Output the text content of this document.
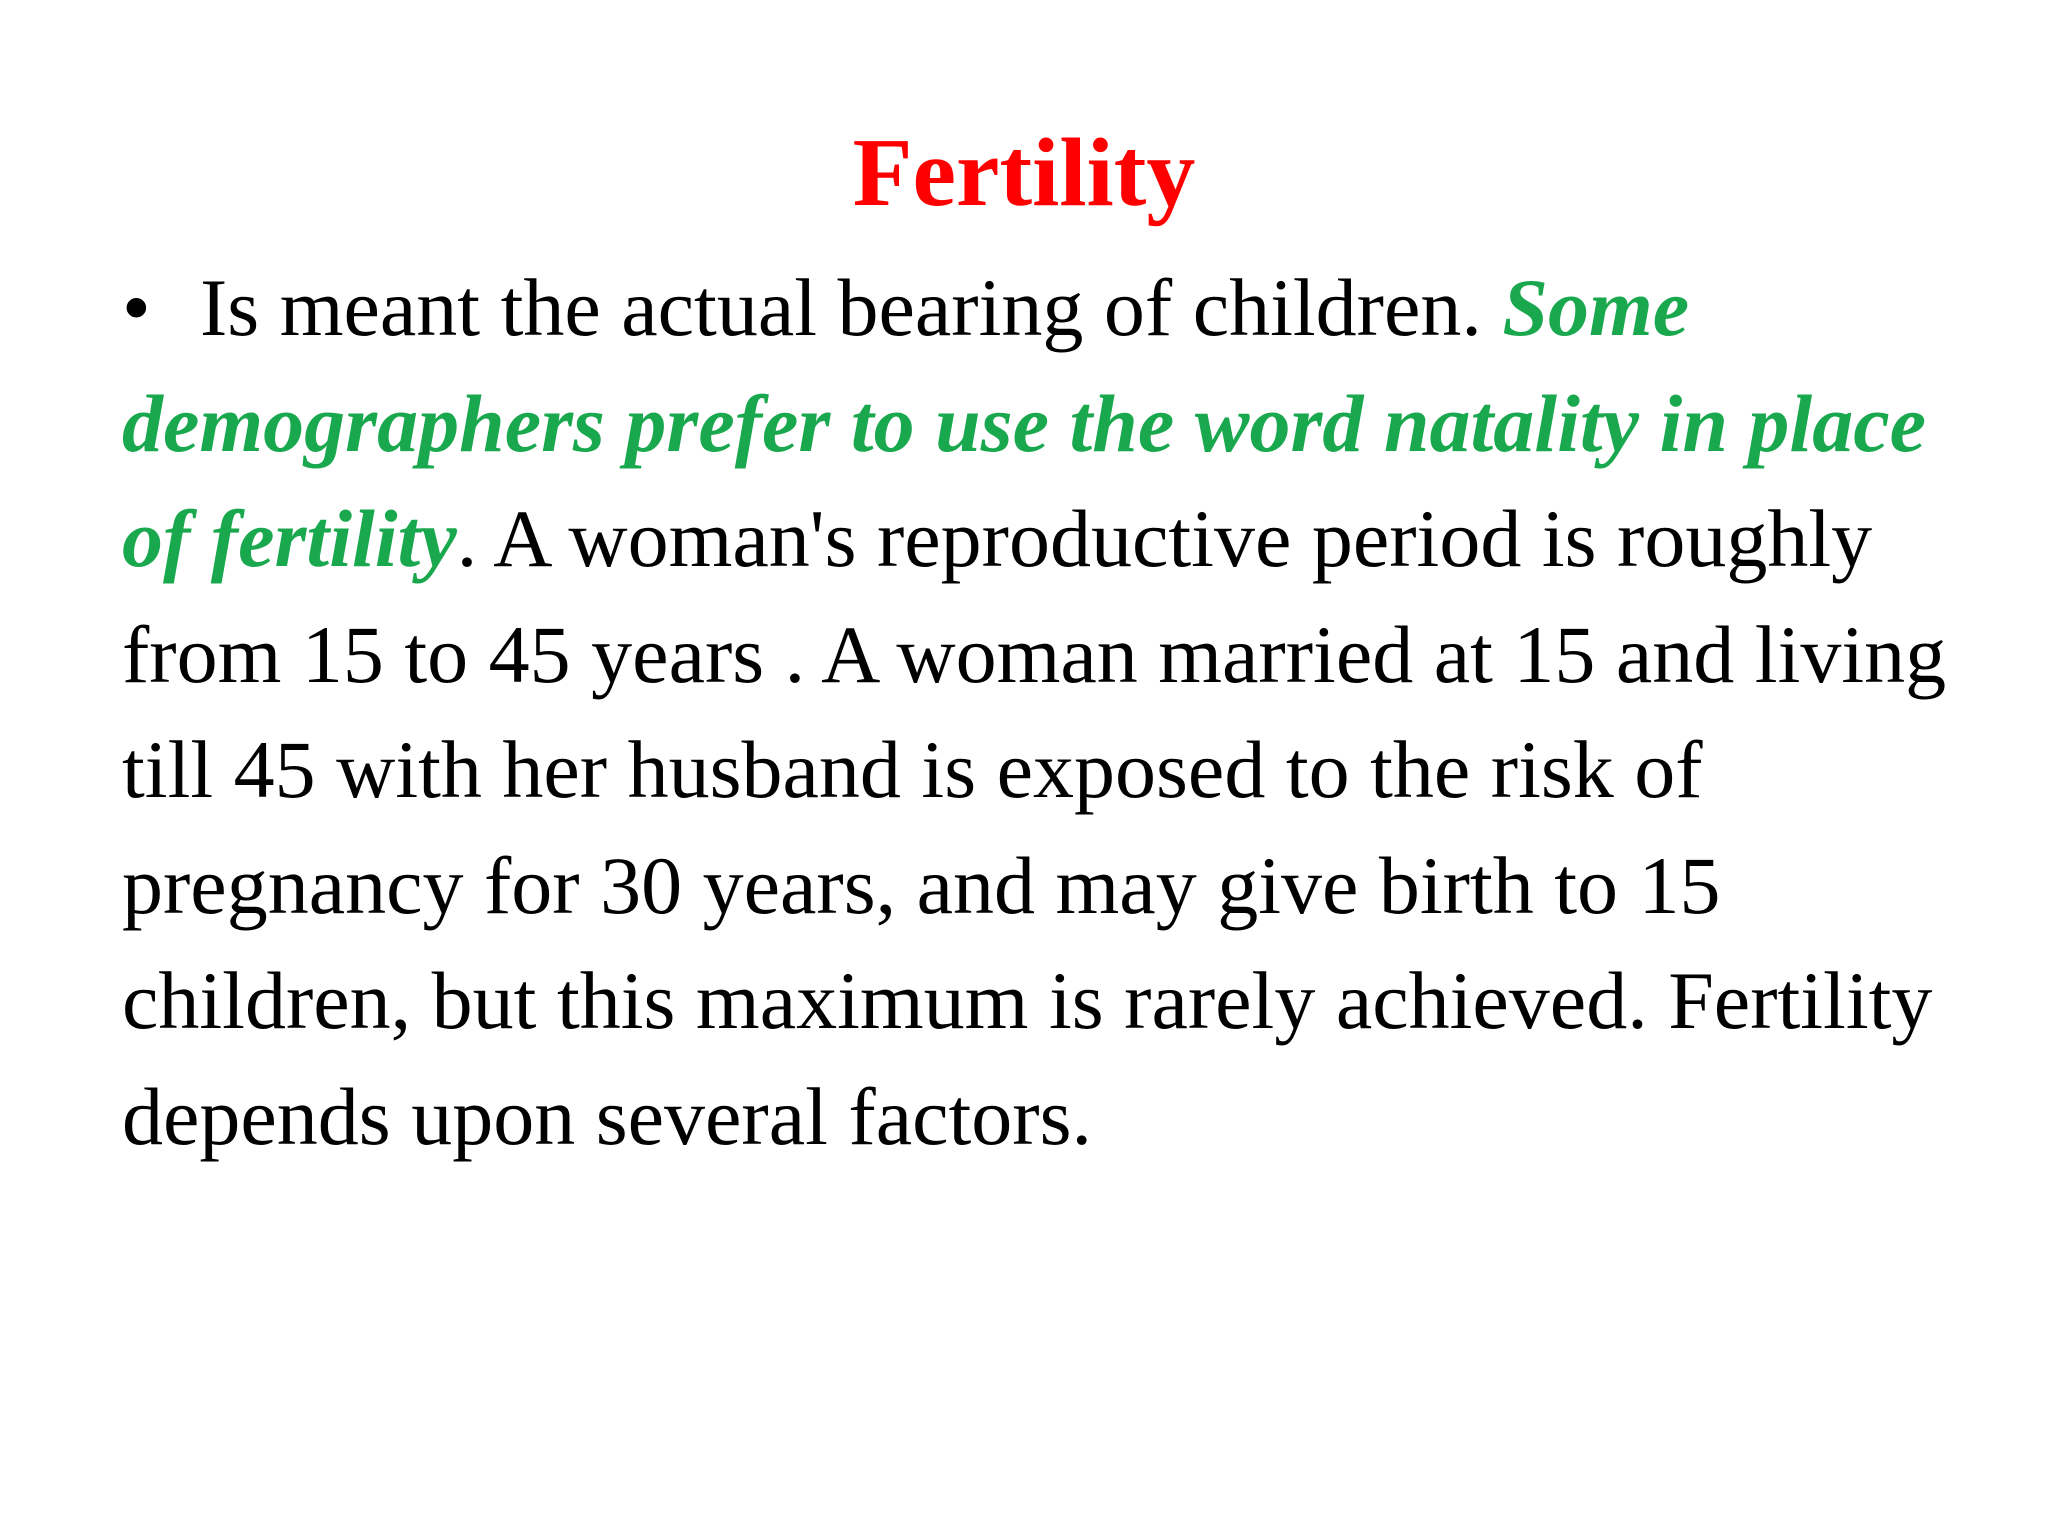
Fertility

• Is meant the actual bearing of children. Some demographers prefer to use the word natality in place of fertility. A woman's reproductive period is roughly from 15 to 45 years . A woman married at 15 and living till 45 with her husband is exposed to the risk of pregnancy for 30 years, and may give birth to 15 children, but this maximum is rarely achieved. Fertility depends upon several factors.
